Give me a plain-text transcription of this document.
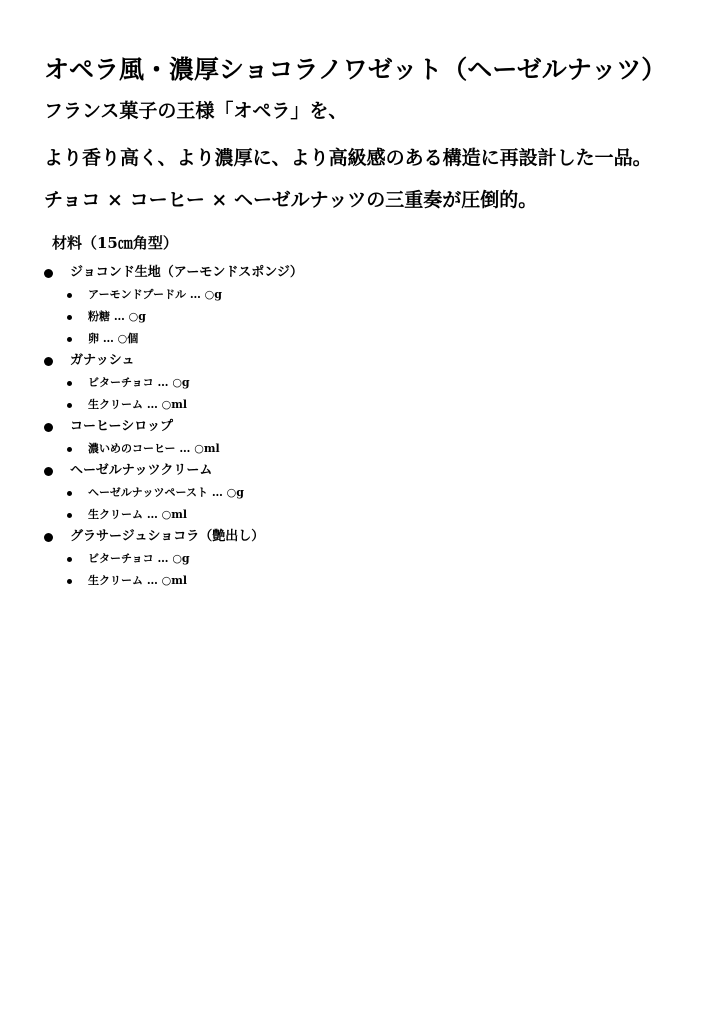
オペラ風・濃厚ショコラノワゼット（ヘーゼルナッツ）

フランス菓子の王様「オペラ」を、

より香り高く、より濃厚に、より高級感のある構造に再設計した一品。

チョコ × コーヒー × ヘーゼルナッツの三重奏が圧倒的。

材料（15㎝角型）
ジョコンド生地（アーモンドスポンジ）
アーモンドプードル … ○g
粉糖 … ○g
卵 … ○個
ガナッシュ
ビターチョコ … ○g
生クリーム … ○ml
コーヒーシロップ
濃いめのコーヒー … ○ml
ヘーゼルナッツクリーム
ヘーゼルナッツペースト … ○g
生クリーム … ○ml
グラサージュショコラ（艶出し）
ビターチョコ … ○g
生クリーム … ○ml
